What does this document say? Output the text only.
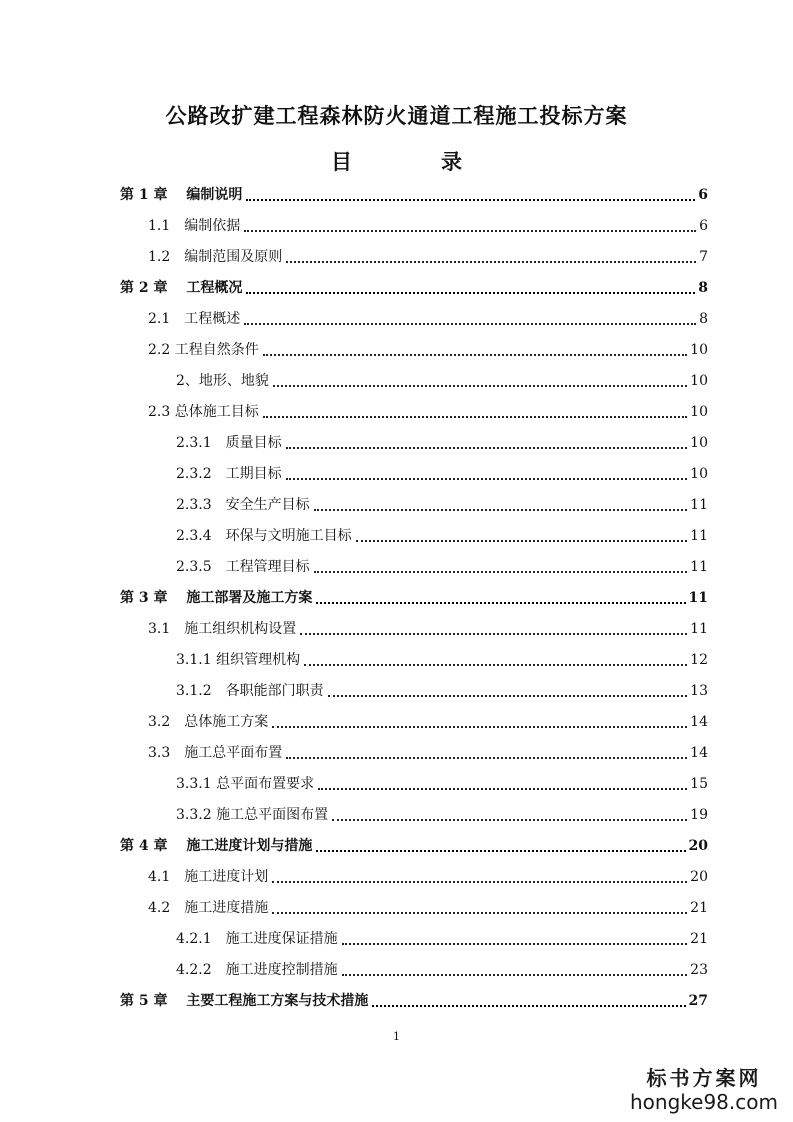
公路改扩建工程森林防火通道工程施工投标方案
目　录
第 1 章　 编制说明	6
1.1　编制依据	6
1.2　编制范围及原则	7
第 2 章　 工程概况	8
2.1　工程概述	8
2.2 工程自然条件	10
2、地形、地貌	10
2.3 总体施工目标	10
2.3.1　质量目标	10
2.3.2　工期目标	10
2.3.3　安全生产目标	11
2.3.4　环保与文明施工目标	11
2.3.5　工程管理目标	11
第 3 章　 施工部署及施工方案	11
3.1　施工组织机构设置	11
3.1.1 组织管理机构	12
3.1.2　各职能部门职责	13
3.2　总体施工方案	14
3.3　施工总平面布置	14
3.3.1 总平面布置要求	15
3.3.2 施工总平面图布置	19
第 4 章　 施工进度计划与措施	20
4.1　施工进度计划	20
4.2　施工进度措施	21
4.2.1　施工进度保证措施	21
4.2.2　施工进度控制措施	23
第 5 章　 主要工程施工方案与技术措施	27
1
标书方案网
hongke98.com
